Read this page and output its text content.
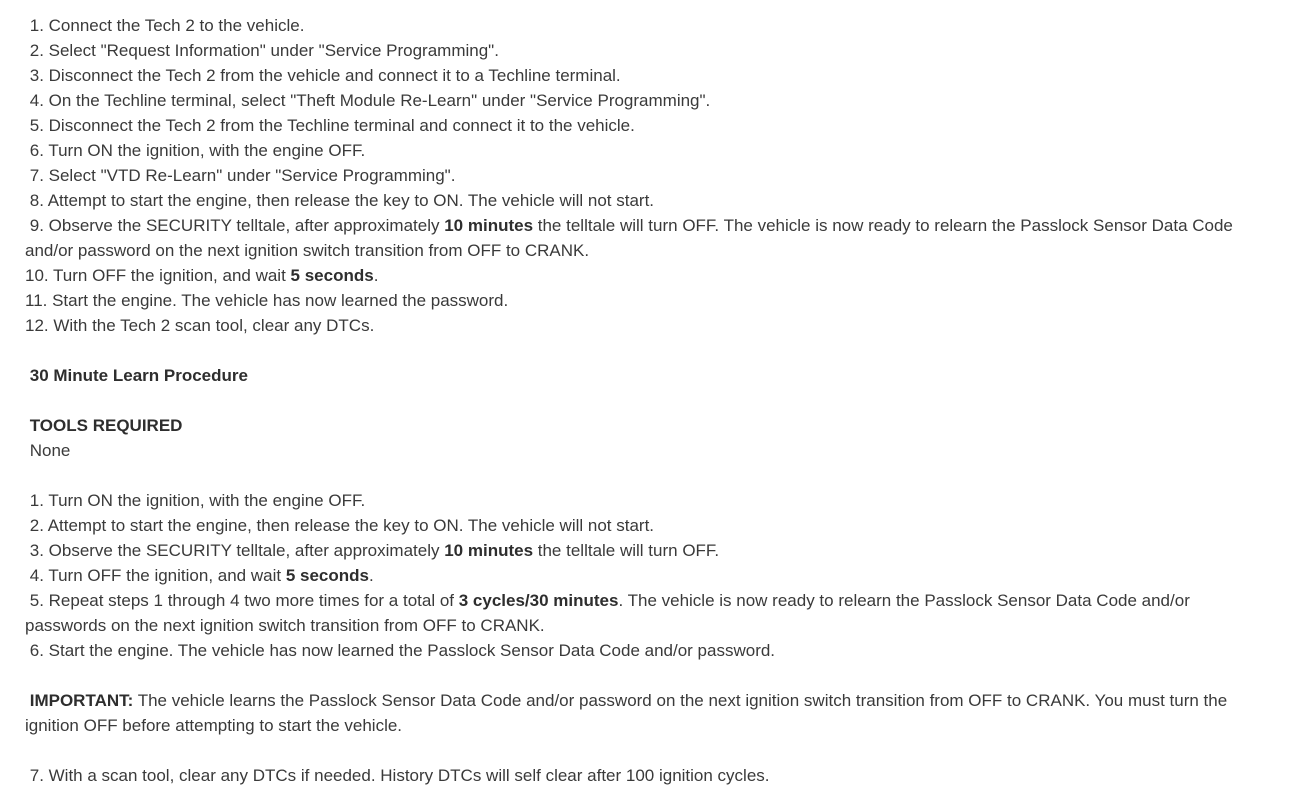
1. Connect the Tech 2 to the vehicle.
2. Select "Request Information" under "Service Programming".
3. Disconnect the Tech 2 from the vehicle and connect it to a Techline terminal.
4. On the Techline terminal, select "Theft Module Re-Learn" under "Service Programming".
5. Disconnect the Tech 2 from the Techline terminal and connect it to the vehicle.
6. Turn ON the ignition, with the engine OFF.
7. Select "VTD Re-Learn" under "Service Programming".
8. Attempt to start the engine, then release the key to ON. The vehicle will not start.
9. Observe the SECURITY telltale, after approximately 10 minutes the telltale will turn OFF. The vehicle is now ready to relearn the Passlock Sensor Data Code and/or password on the next ignition switch transition from OFF to CRANK.
10. Turn OFF the ignition, and wait 5 seconds.
11. Start the engine. The vehicle has now learned the password.
12. With the Tech 2 scan tool, clear any DTCs.
30 Minute Learn Procedure
TOOLS REQUIRED
None
1. Turn ON the ignition, with the engine OFF.
2. Attempt to start the engine, then release the key to ON. The vehicle will not start.
3. Observe the SECURITY telltale, after approximately 10 minutes the telltale will turn OFF.
4. Turn OFF the ignition, and wait 5 seconds.
5. Repeat steps 1 through 4 two more times for a total of 3 cycles/30 minutes. The vehicle is now ready to relearn the Passlock Sensor Data Code and/or passwords on the next ignition switch transition from OFF to CRANK.
6. Start the engine. The vehicle has now learned the Passlock Sensor Data Code and/or password.
IMPORTANT: The vehicle learns the Passlock Sensor Data Code and/or password on the next ignition switch transition from OFF to CRANK. You must turn the ignition OFF before attempting to start the vehicle.
7. With a scan tool, clear any DTCs if needed. History DTCs will self clear after 100 ignition cycles.
